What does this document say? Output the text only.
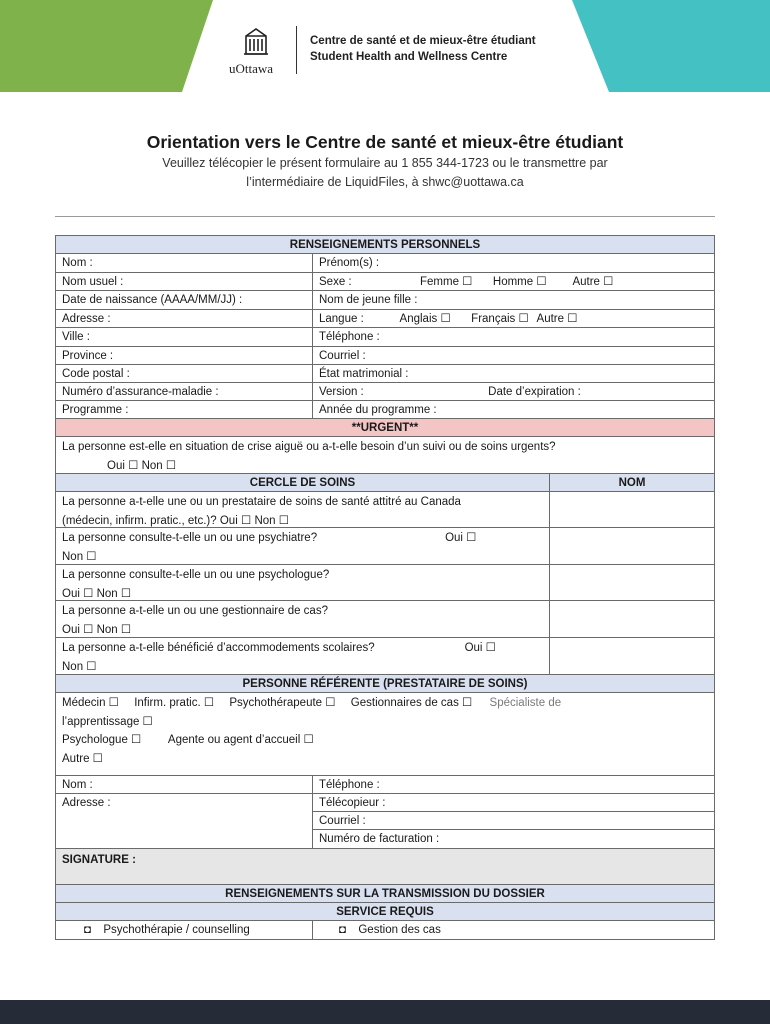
uOttawa
Centre de santé et de mieux-être étudiant
Student Health and Wellness Centre
Orientation vers le Centre de santé et mieux-être étudiant
Veuillez télécopier le présent formulaire au 1 855 344-1723 ou le transmettre par
l’intermédiaire de LiquidFiles, à shwc@uottawa.ca
RENSEIGNEMENTS PERSONNELS
Nom :	Prénom(s) :
Nom usuel :	Sexe :	Femme ☐ Homme ☐ Autre ☐
Date de naissance (AAAA/MM/JJ) :	Nom de jeune fille :
Adresse :	Langue :	Anglais ☐ Français ☐ Autre ☐
Ville :	Téléphone :
Province :	Courriel :
Code postal :	État matrimonial :
Numéro d’assurance-maladie :	Version :	Date d’expiration :
Programme :	Année du programme :
**URGENT**
La personne est-elle en situation de crise aiguë ou a-t-elle besoin d’un suivi ou de soins urgents?
Oui ☐ Non ☐
CERCLE DE SOINS	NOM
La personne a-t-elle une ou un prestataire de soins de santé attitré au Canada
(médecin, infirm. pratic., etc.)? Oui ☐ Non ☐
La personne consulte-t-elle un ou une psychiatre?	Oui ☐
Non ☐
La personne consulte-t-elle un ou une psychologue?
Oui ☐ Non ☐
La personne a-t-elle un ou une gestionnaire de cas?
Oui ☐ Non ☐
La personne a-t-elle bénéficié d’accommodements scolaires?	Oui ☐
Non ☐
PERSONNE RÉFÉRENTE (PRESTATAIRE DE SOINS)
Médecin ☐ Infirm. pratic. ☐ Psychothérapeute ☐ Gestionnaires de cas ☐ Spécialiste de
l’apprentissage ☐
Psychologue ☐ Agente ou agent d’accueil ☐
Autre ☐
Nom :	Téléphone :
Adresse :	Télécopieur :
Courriel :
Numéro de facturation :
SIGNATURE :
RENSEIGNEMENTS SUR LA TRANSMISSION DU DOSSIER
SERVICE REQUIS
◘ Psychothérapie / counselling	◘ Gestion des cas
